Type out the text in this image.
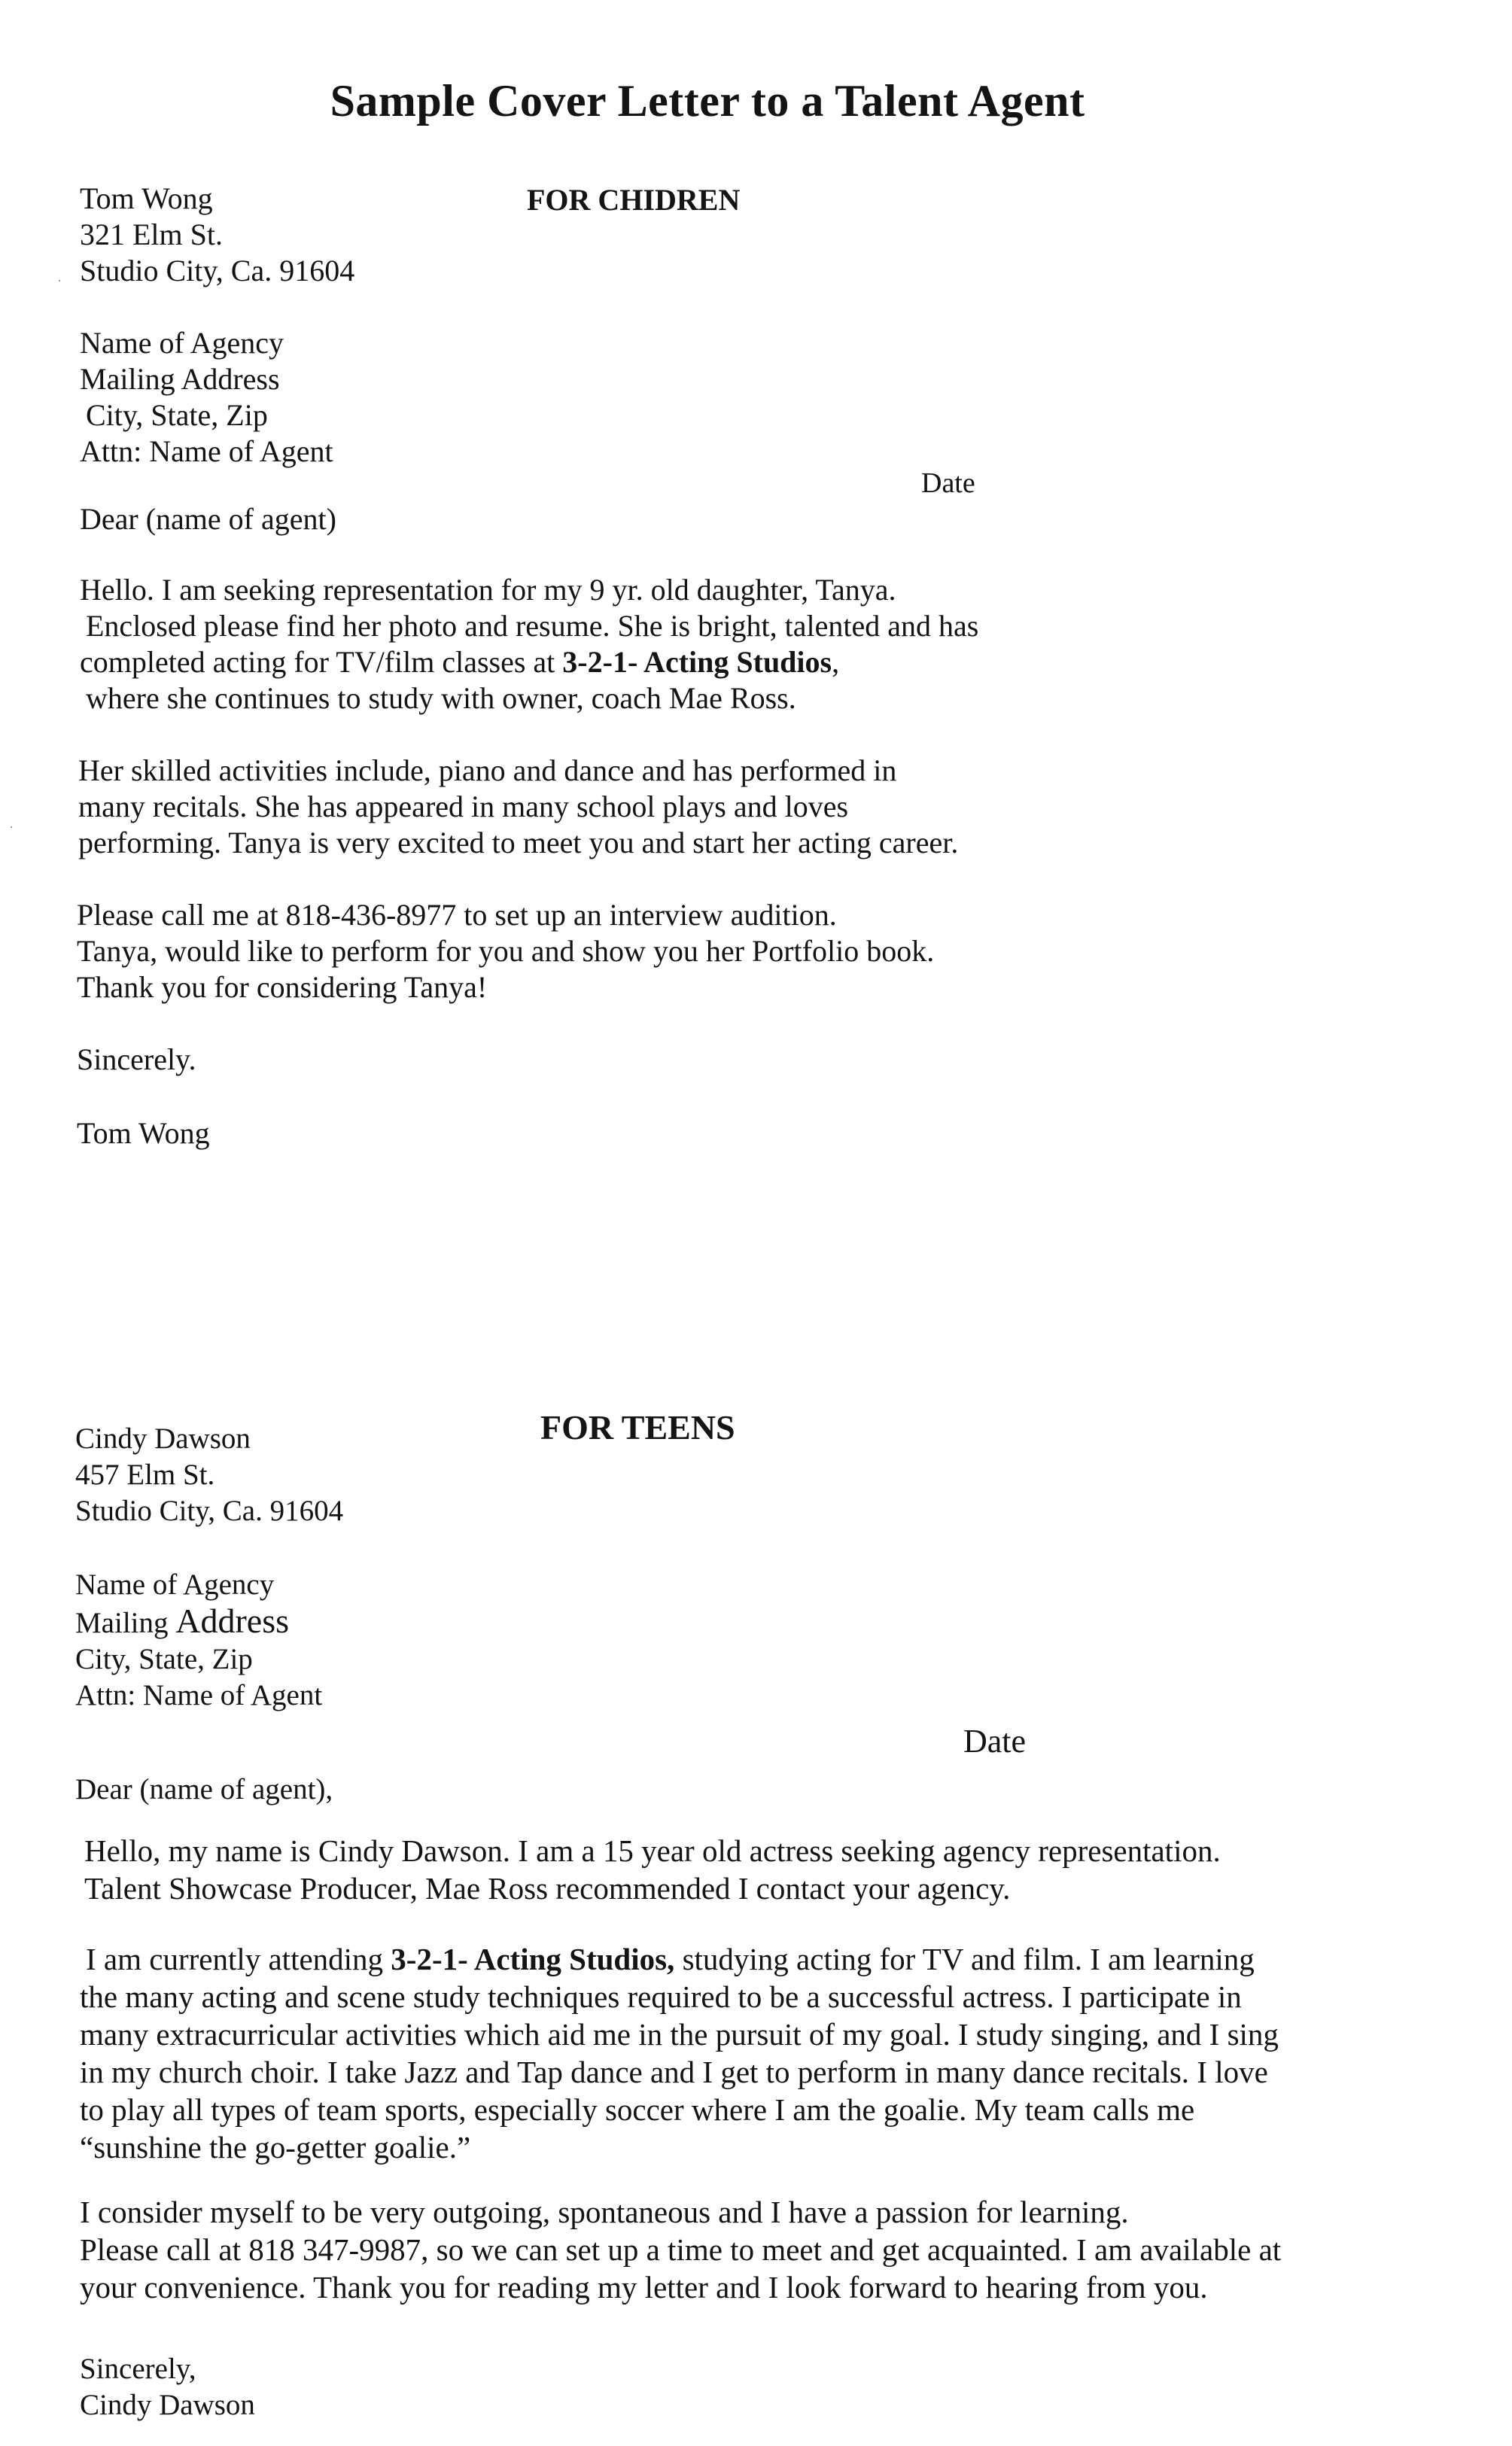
Sample Cover Letter to a Talent Agent
Tom Wong
321 Elm St.
Studio City, Ca. 91604
FOR CHIDREN
Name of Agency
Mailing Address
City, State, Zip
Attn: Name of Agent
Date
Dear (name of agent)
Hello. I am seeking representation for my 9 yr. old daughter, Tanya.
Enclosed please find her photo and resume. She is bright, talented and has
completed acting for TV/film classes at 3-2-1- Acting Studios,
where she continues to study with owner, coach Mae Ross.
Her skilled activities include, piano and dance and has performed in
many recitals. She has appeared in many school plays and loves
performing. Tanya is very excited to meet you and start her acting career.
Please call me at 818-436-8977 to set up an interview audition.
Tanya, would like to perform for you and show you her Portfolio book.
Thank you for considering Tanya!
Sincerely.
Tom Wong
Cindy Dawson
457 Elm St.
Studio City, Ca. 91604
FOR TEENS
Name of Agency
Mailing Address
City, State, Zip
Attn: Name of Agent
Date
Dear (name of agent),
Hello, my name is Cindy Dawson. I am a 15 year old actress seeking agency representation.
Talent Showcase Producer, Mae Ross recommended I contact your agency.
I am currently attending 3-2-1- Acting Studios, studying acting for TV and film. I am learning
the many acting and scene study techniques required to be a successful actress. I participate in
many extracurricular activities which aid me in the pursuit of my goal. I study singing, and I sing
in my church choir. I take Jazz and Tap dance and I get to perform in many dance recitals. I love
to play all types of team sports, especially soccer where I am the goalie. My team calls me
“sunshine the go-getter goalie.”
I consider myself to be very outgoing, spontaneous and I have a passion for learning.
Please call at 818 347-9987, so we can set up a time to meet and get acquainted. I am available at
your convenience. Thank you for reading my letter and I look forward to hearing from you.
Sincerely,
Cindy Dawson
